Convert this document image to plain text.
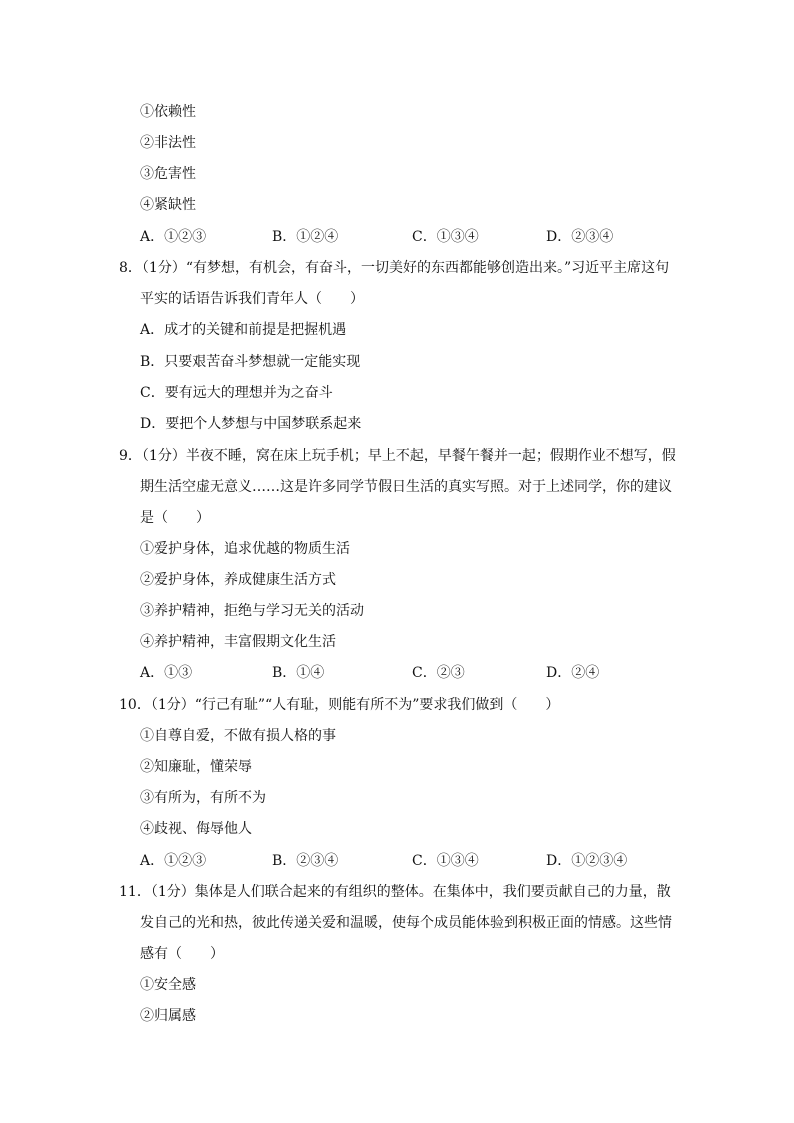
①依赖性
②非法性
③危害性
④紧缺性
A．①②③	B．①②④	C．①③④	D．②③④
8．（1分）“有梦想，有机会，有奋斗，一切美好的东西都能够创造出来。”习近平主席这句
平实的话语告诉我们青年人（　　）
A．成才的关键和前提是把握机遇
B．只要艰苦奋斗梦想就一定能实现
C．要有远大的理想并为之奋斗
D．要把个人梦想与中国梦联系起来
9．（1分）半夜不睡，窝在床上玩手机；早上不起，早餐午餐并一起；假期作业不想写，假
期生活空虚无意义……这是许多同学节假日生活的真实写照。对于上述同学，你的建议
是（　　）
①爱护身体，追求优越的物质生活
②爱护身体，养成健康生活方式
③养护精神，拒绝与学习无关的活动
④养护精神，丰富假期文化生活
A．①③	B．①④	C．②③	D．②④
10．（1分）“行己有耻”“人有耻，则能有所不为”要求我们做到（　　）
①自尊自爱，不做有损人格的事
②知廉耻，懂荣辱
③有所为，有所不为
④歧视、侮辱他人
A．①②③	B．②③④	C．①③④	D．①②③④
11．（1分）集体是人们联合起来的有组织的整体。在集体中，我们要贡献自己的力量，散
发自己的光和热，彼此传递关爱和温暖，使每个成员能体验到积极正面的情感。这些情
感有（　　）
①安全感
②归属感
